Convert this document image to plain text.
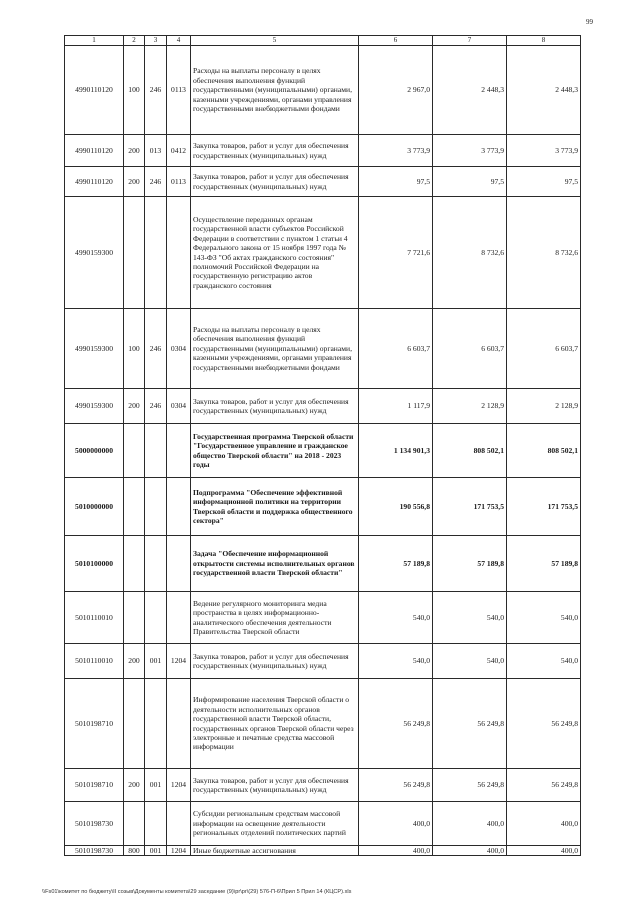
99
1	2	3	4	5	6	7	8
4990110120	100	246	0113	Расходы на выплаты персоналу в целях обеспечения выполнения функций государственными (муниципальными) органами, казенными учреждениями, органами управления государственными внебюджетными фондами	2 967,0	2 448,3	2 448,3
4990110120	200	013	0412	Закупка товаров, работ и услуг для обеспечения государственных (муниципальных) нужд	3 773,9	3 773,9	3 773,9
4990110120	200	246	0113	Закупка товаров, работ и услуг для обеспечения государственных (муниципальных) нужд	97,5	97,5	97,5
4990159300				Осуществление переданных органам государственной власти субъектов Российской Федерации в соответствии с пунктом 1 статьи 4 Федерального закона от 15 ноября 1997 года № 143-ФЗ "Об актах гражданского состояния" полномочий Российской Федерации на государственную регистрацию актов гражданского состояния	7 721,6	8 732,6	8 732,6
4990159300	100	246	0304	Расходы на выплаты персоналу в целях обеспечения выполнения функций государственными (муниципальными) органами, казенными учреждениями, органами управления государственными внебюджетными фондами	6 603,7	6 603,7	6 603,7
4990159300	200	246	0304	Закупка товаров, работ и услуг для обеспечения государственных (муниципальных) нужд	1 117,9	2 128,9	2 128,9
5000000000				Государственная программа Тверской области "Государственное управление и гражданское общество Тверской области" на 2018 - 2023 годы	1 134 901,3	808 502,1	808 502,1
5010000000				Подпрограмма "Обеспечение эффективной информационной политики на территории Тверской области и поддержка общественного сектора"	190 556,8	171 753,5	171 753,5
5010100000				Задача "Обеспечение информационной открытости системы исполнительных органов государственной власти Тверской области"	57 189,8	57 189,8	57 189,8
5010110010				Ведение регулярного мониторинга медиа пространства в целях информационно-аналитического обеспечения деятельности Правительства Тверской области	540,0	540,0	540,0
5010110010	200	001	1204	Закупка товаров, работ и услуг для обеспечения государственных (муниципальных) нужд	540,0	540,0	540,0
5010198710				Информирование населения Тверской области о деятельности исполнительных органов государственной власти Тверской области, государственных органов Тверской области через электронные и печатные средства массовой информации	56 249,8	56 249,8	56 249,8
5010198710	200	001	1204	Закупка товаров, работ и услуг для обеспечения государственных (муниципальных) нужд	56 249,8	56 249,8	56 249,8
5010198730				Субсидии региональным средствам массовой информации на освещение деятельности региональных отделений политических партий	400,0	400,0	400,0
5010198730	800	001	1204	Иные бюджетные ассигнования	400,0	400,0	400,0
\\Fs01\комитет по бюджету\II созыв\Документы комитета\29 заседание (9)\pr\pr\(29) 576-П-6\Прил 5 Прил 14 (КЦСР).xls
